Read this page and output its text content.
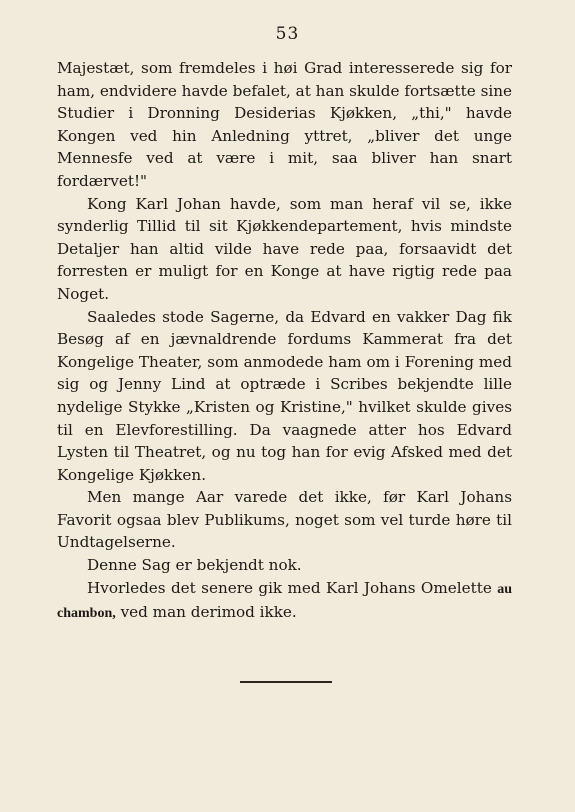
53

Majestæt, som fremdeles i høi Grad interesserede sig for ham, endvidere havde befalet, at han skulde fortsætte sine Studier i Dronning Desiderias Kjøkken, „thi," havde Kongen ved hin Anledning yttret, „bliver det unge Mennesfe ved at være i mit, saa bliver han snart fordærvet!"

Kong Karl Johan havde, som man heraf vil se, ikke synderlig Tillid til sit Kjøkkendepartement, hvis mindste Detaljer han altid vilde have rede paa, forsaavidt det forresten er muligt for en Konge at have rigtig rede paa Noget.

Saaledes stode Sagerne, da Edvard en vakker Dag fik Besøg af en jævnaldrende fordums Kammerat fra det Kongelige Theater, som anmodede ham om i Forening med sig og Jenny Lind at optræde i Scribes bekjendte lille nydelige Stykke „Kristen og Kristine," hvilket skulde gives til en Elevforestilling. Da vaagnede atter hos Edvard Lysten til Theatret, og nu tog han for evig Afsked med det Kongelige Kjøkken.

Men mange Aar varede det ikke, før Karl Johans Favorit ogsaa blev Publikums, noget som vel turde høre til Undtagelserne.

Denne Sag er bekjendt nok.

Hvorledes det senere gik med Karl Johans Omelette au chambon, ved man derimod ikke.
